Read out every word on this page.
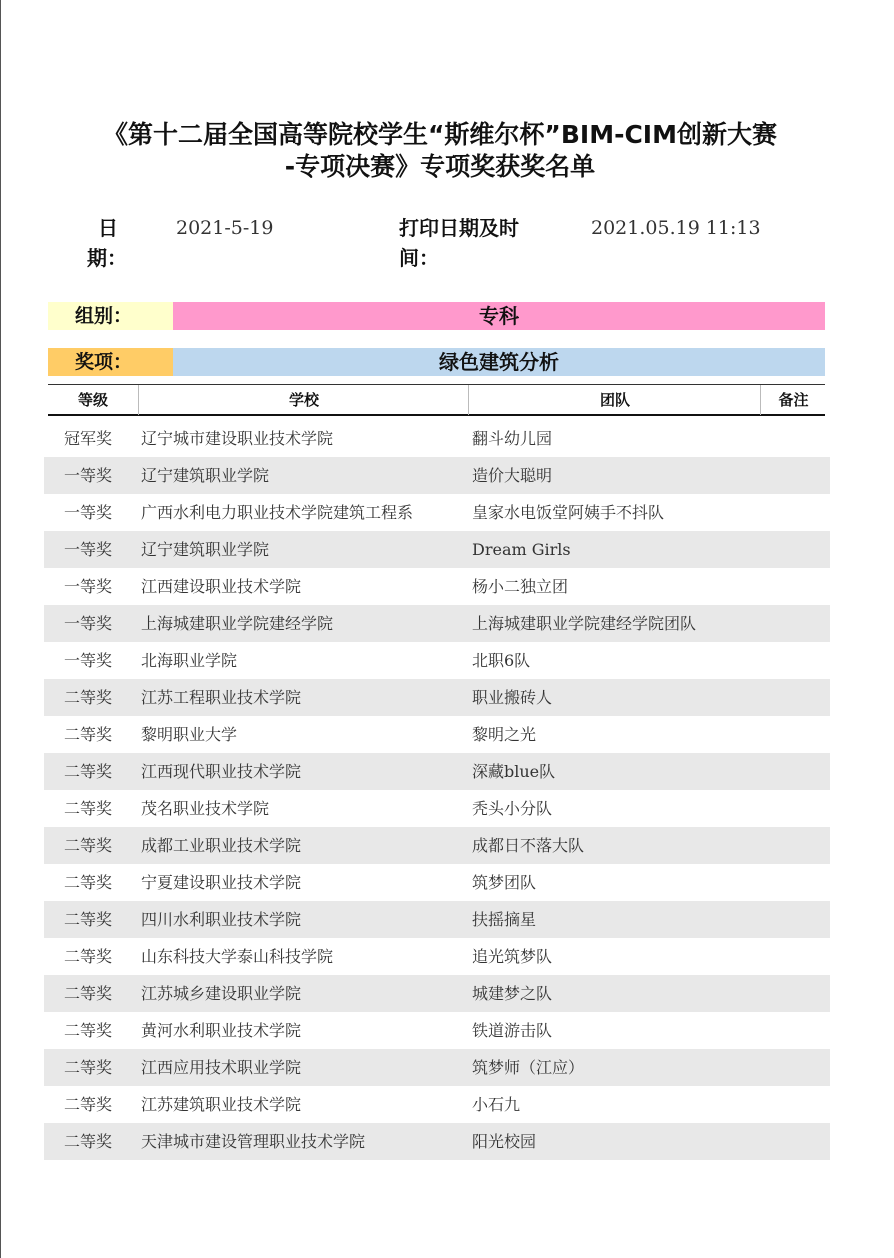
《第十二届全国高等院校学生“斯维尔杯”BIM-CIM创新大赛
-专项决赛》专项奖获奖名单
日
期：
2021-5-19	打印日期及时
间：
2021.05.19 11:13
组别：	专科
奖项：	绿色建筑分析
等级	学校	团队	备注
冠军奖 辽宁城市建设职业技术学院	翻斗幼儿园
一等奖 辽宁建筑职业学院	造价大聪明
一等奖 广西水利电力职业技术学院建筑工程系	皇家水电饭堂阿姨手不抖队
一等奖 辽宁建筑职业学院	Dream Girls
一等奖 江西建设职业技术学院	杨小二独立团
一等奖 上海城建职业学院建经学院	上海城建职业学院建经学院团队
一等奖 北海职业学院	北职6队
二等奖 江苏工程职业技术学院	职业搬砖人
二等奖 黎明职业大学	黎明之光
二等奖 江西现代职业技术学院	深藏blue队
二等奖 茂名职业技术学院	秃头小分队
二等奖 成都工业职业技术学院	成都日不落大队
二等奖 宁夏建设职业技术学院	筑梦团队
二等奖 四川水利职业技术学院	扶摇摘星
二等奖 山东科技大学泰山科技学院	追光筑梦队
二等奖 江苏城乡建设职业学院	城建梦之队
二等奖 黄河水利职业技术学院	铁道游击队
二等奖 江西应用技术职业学院	筑梦师（江应）
二等奖 江苏建筑职业技术学院	小石九
二等奖 天津城市建设管理职业技术学院	阳光校园
